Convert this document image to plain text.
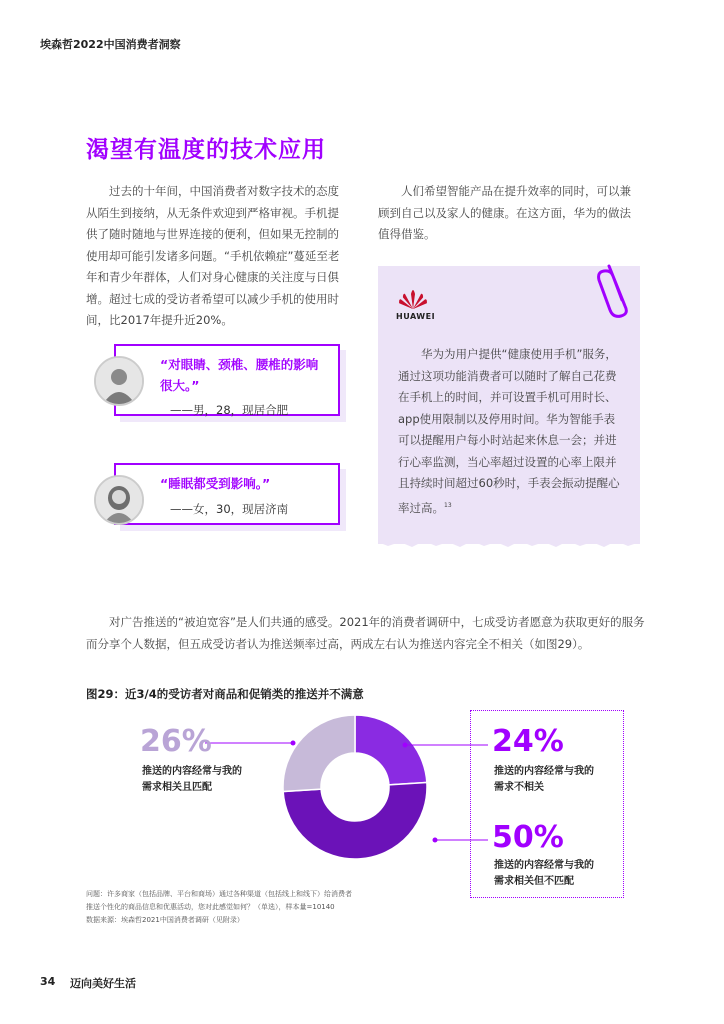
埃森哲2022中国消费者洞察
渴望有温度的技术应用
过去的十年间，中国消费者对数字技术的态度从陌生到接纳，从无条件欢迎到严格审视。手机提供了随时随地与世界连接的便利，但如果无控制的使用却可能引发诸多问题。“手机依赖症”蔓延至老年和青少年群体，人们对身心健康的关注度与日俱增。超过七成的受访者希望可以减少手机的使用时间，比2017年提升近20%。
人们希望智能产品在提升效率的同时，可以兼顾到自己以及家人的健康。在这方面，华为的做法值得借鉴。
“对眼睛、颈椎、腰椎的影响很大。”
——男，28，现居合肥
“睡眠都受到影响。”
——女，30，现居济南
HUAWEI
华为为用户提供“健康使用手机”服务，通过这项功能消费者可以随时了解自己花费在手机上的时间，并可设置手机可用时长、app使用限制以及停用时间。华为智能手表可以提醒用户每小时站起来休息一会；并进行心率监测，当心率超过设置的心率上限并且持续时间超过60秒时，手表会振动提醒心率过高。$^{13}$
对广告推送的“被迫宽容”是人们共通的感受。2021年的消费者调研中，七成受访者愿意为获取更好的服务而分享个人数据，但五成受访者认为推送频率过高，两成左右认为推送内容完全不相关（如图29）。
图29：近3/4的受访者对商品和促销类的推送并不满意
26%
推送的内容经常与我的
需求相关且匹配
24%
推送的内容经常与我的
需求不相关
50%
推送的内容经常与我的
需求相关但不匹配
问题：许多商家（包括品牌、平台和商场）通过各种渠道（包括线上和线下）给消费者
推送个性化的商品信息和优惠活动，您对此感觉如何？（单选），样本量=10140
数据来源：埃森哲2021中国消费者调研（见附录）
34 迈向美好生活
